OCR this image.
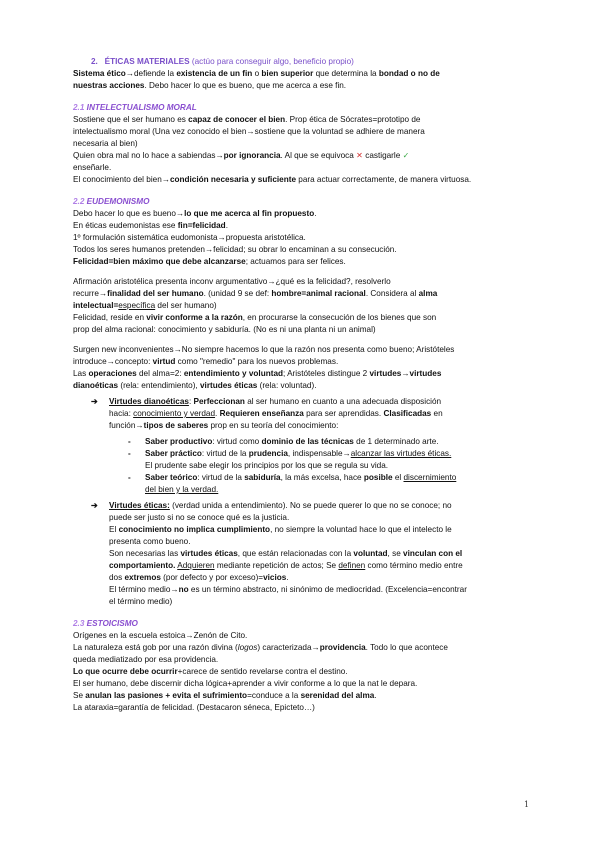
2. ÉTICAS MATERIALES (actúo para conseguir algo, beneficio propio)
Sistema ético→defiende la existencia de un fin o bien superior que determina la bondad o no de
nuestras acciones. Debo hacer lo que es bueno, que me acerca a ese fin.
2.1 INTELECTUALISMO MORAL
Sostiene que el ser humano es capaz de conocer el bien. Prop ética de Sócrates=prototipo de
intelectualismo moral (Una vez conocido el bien→sostiene que la voluntad se adhiere de manera
necesaria al bien)
Quien obra mal no lo hace a sabiendas→por ignorancia. Al que se equivoca ✕ castigarle ✓
enseñarle.
El conocimiento del bien→condición necesaria y suficiente para actuar correctamente, de manera virtuosa.
2.2 EUDEMONISMO
Debo hacer lo que es bueno→lo que me acerca al fin propuesto.
En éticas eudemonistas ese fin=felicidad.
1º formulación sistemática eudomonista→propuesta aristotélica.
Todos los seres humanos pretenden→felicidad; su obrar lo encaminan a su consecución.
Felicidad=bien máximo que debe alcanzarse; actuamos para ser felices.
Afirmación aristotélica presenta inconv argumentativo→¿qué es la felicidad?, resolverlo
recurre→finalidad del ser humano. (unidad 9 se def: hombre=animal racional. Considera al alma
intelectual=específica del ser humano)
Felicidad, reside en vivir conforme a la razón, en procurarse la consecución de los bienes que son
prop del alma racional: conocimiento y sabiduría. (No es ni una planta ni un animal)
Surgen new inconvenientes→No siempre hacemos lo que la razón nos presenta como bueno; Aristóteles
introduce→concepto: virtud como "remedio" para los nuevos problemas.
Las operaciones del alma=2: entendimiento y voluntad; Aristóteles distingue 2 virtudes→virtudes
dianoéticas (rela: entendimiento), virtudes éticas (rela: voluntad).
➔ Virtudes dianoéticas: Perfeccionan al ser humano en cuanto a una adecuada disposición
hacia: conocimiento y verdad. Requieren enseñanza para ser aprendidas. Clasificadas en
función→tipos de saberes prop en su teoría del conocimiento:
- Saber productivo: virtud como dominio de las técnicas de 1 determinado arte.
- Saber práctico: virtud de la prudencia, indispensable→alcanzar las virtudes éticas.
El prudente sabe elegir los principios por los que se regula su vida.
- Saber teórico: virtud de la sabiduría, la más excelsa, hace posible el discernimiento
del bien y la verdad.
➔ Virtudes éticas: (verdad unida a entendimiento). No se puede querer lo que no se conoce; no
puede ser justo si no se conoce qué es la justicia.
El conocimiento no implica cumplimiento, no siempre la voluntad hace lo que el intelecto le
presenta como bueno.
Son necesarias las virtudes éticas, que están relacionadas con la voluntad, se vinculan con el
comportamiento. Adquieren mediante repetición de actos; Se definen como término medio entre
dos extremos (por defecto y por exceso)=vicios.
El término medio→no es un término abstracto, ni sinónimo de mediocridad. (Excelencia=encontrar
el término medio)
2.3 ESTOICISMO
Orígenes en la escuela estoica→Zenón de Cito.
La naturaleza está gob por una razón divina (logos) caracterizada→providencia. Todo lo que acontece
queda mediatizado por esa providencia.
Lo que ocurre debe ocurrir+carece de sentido revelarse contra el destino.
El ser humano, debe discernir dicha lógica+aprender a vivir conforme a lo que la nat le depara.
Se anulan las pasiones + evita el sufrimiento=conduce a la serenidad del alma.
La ataraxia=garantía de felicidad. (Destacaron séneca, Epicteto…)
1
